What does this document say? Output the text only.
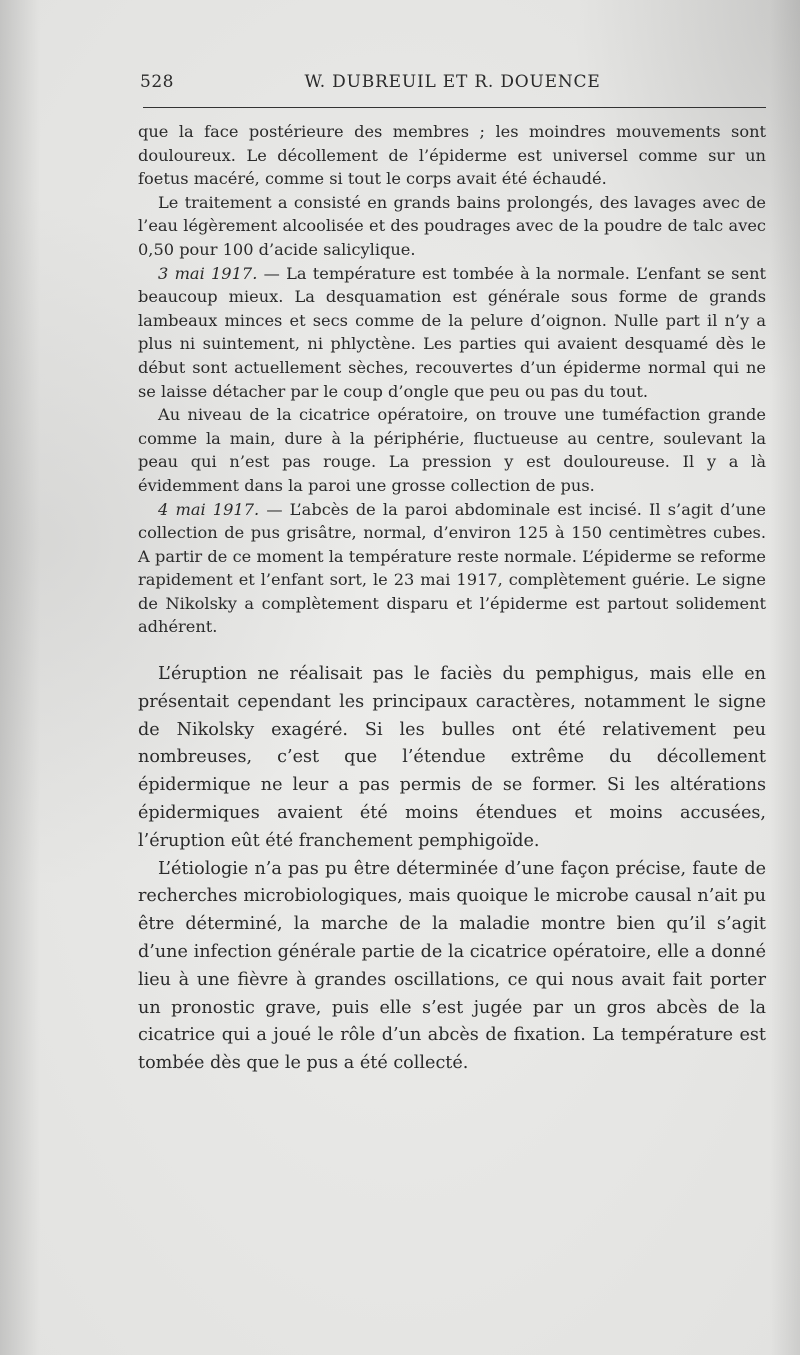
528	W. DUBREUIL ET R. DOUENCE

que la face postérieure des membres ; les moindres mouvements sont douloureux. Le décollement de l’épiderme est universel comme sur un foetus macéré, comme si tout le corps avait été échaudé.

Le traitement a consisté en grands bains prolongés, des lavages avec de l’eau légèrement alcoolisée et des poudrages avec de la poudre de talc avec 0,50 pour 100 d’acide salicylique.

3 mai 1917. — La température est tombée à la normale. L’enfant se sent beaucoup mieux. La desquamation est générale sous forme de grands lambeaux minces et secs comme de la pelure d’oignon. Nulle part il n’y a plus ni suintement, ni phlyctène. Les parties qui avaient desquamé dès le début sont actuellement sèches, recouvertes d’un épiderme normal qui ne se laisse détacher par le coup d’ongle que peu ou pas du tout.

Au niveau de la cicatrice opératoire, on trouve une tuméfaction grande comme la main, dure à la périphérie, fluctueuse au centre, soulevant la peau qui n’est pas rouge. La pression y est douloureuse. Il y a là évidemment dans la paroi une grosse collection de pus.

4 mai 1917. — L’abcès de la paroi abdominale est incisé. Il s’agit d’une collection de pus grisâtre, normal, d’environ 125 à 150 centimètres cubes. A partir de ce moment la température reste normale. L’épiderme se reforme rapidement et l’enfant sort, le 23 mai 1917, complètement guérie. Le signe de Nikolsky a complètement disparu et l’épiderme est partout solidement adhérent.

L’éruption ne réalisait pas le faciès du pemphigus, mais elle en présentait cependant les principaux caractères, notamment le signe de Nikolsky exagéré. Si les bulles ont été relativement peu nombreuses, c’est que l’étendue extrême du décollement épidermique ne leur a pas permis de se former. Si les altérations épidermiques avaient été moins étendues et moins accusées, l’éruption eût été franchement pemphigoïde.

L’étiologie n’a pas pu être déterminée d’une façon précise, faute de recherches microbiologiques, mais quoique le microbe causal n’ait pu être déterminé, la marche de la maladie montre bien qu’il s’agit d’une infection générale partie de la cicatrice opératoire, elle a donné lieu à une fièvre à grandes oscillations, ce qui nous avait fait porter un pronostic grave, puis elle s’est jugée par un gros abcès de la cicatrice qui a joué le rôle d’un abcès de fixation. La température est tombée dès que le pus a été collecté.
